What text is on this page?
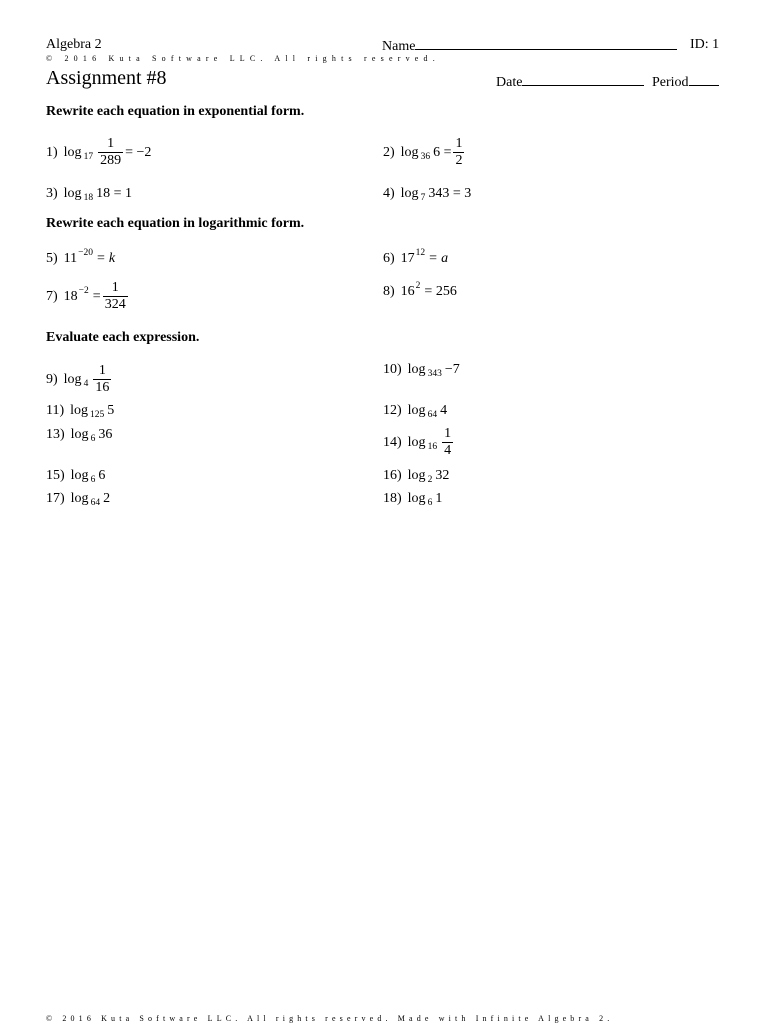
Algebra 2
© 2016 Kuta Software LLC. All rights reserved.
Name	ID: 1
Assignment #8	Date	Period
Rewrite each equation in exponential form.
1) $\log 17 \frac{1}{289} = -2$	2) log 36 $6 = \frac{1}{2}$
3) log 18 18 = 1	4) log 7 343 = 3
Rewrite each equation in logarithmic form.
5) 11 −20 = k	6) 17 12 = a
7) $18 -2 = \frac{1}{324}$	8) 16 2 = 256
Evaluate each expression.
9) $\log 4 \frac{1}{16}$	10) log 343 −7
11) log 125 5	12) log 64 4
13) log 6 36	14) $\log 16 \frac{1}{4}$
15) log 6 6	16) log 2 32
17) log 64 2	18) log 6 1
© 2016 Kuta Software LLC. All rights reserved. Made with Infinite Algebra 2.
